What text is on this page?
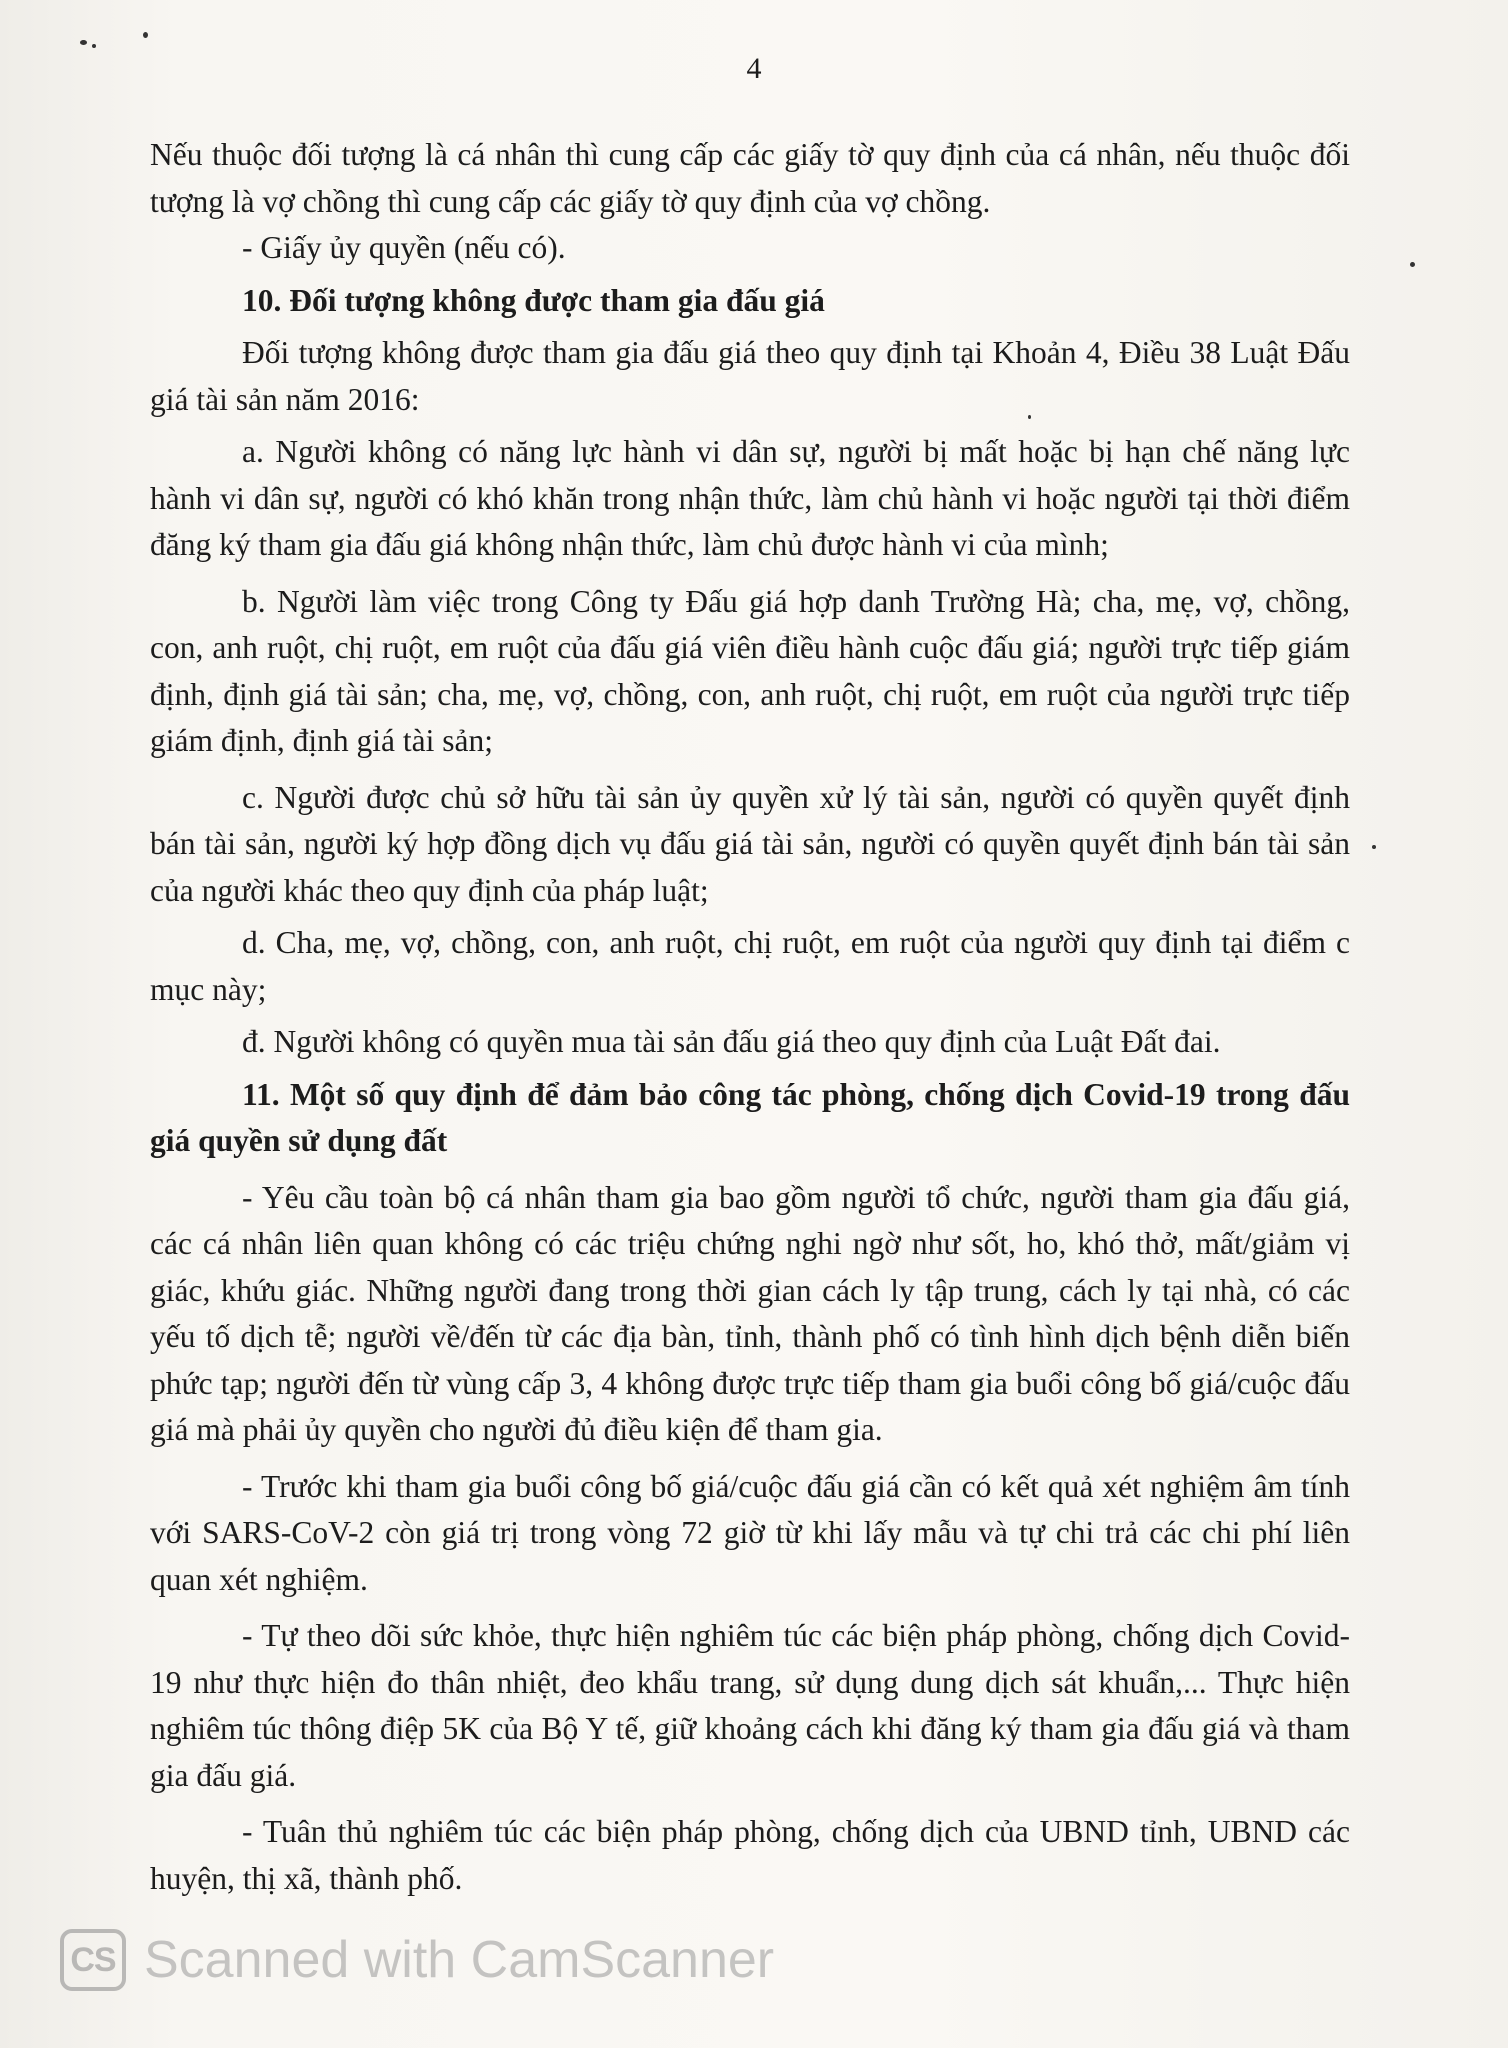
4

Nếu thuộc đối tượng là cá nhân thì cung cấp các giấy tờ quy định của cá nhân, nếu thuộc đối tượng là vợ chồng thì cung cấp các giấy tờ quy định của vợ chồng.

- Giấy ủy quyền (nếu có).

10. Đối tượng không được tham gia đấu giá

Đối tượng không được tham gia đấu giá theo quy định tại Khoản 4, Điều 38 Luật Đấu giá tài sản năm 2016:

a. Người không có năng lực hành vi dân sự, người bị mất hoặc bị hạn chế năng lực hành vi dân sự, người có khó khăn trong nhận thức, làm chủ hành vi hoặc người tại thời điểm đăng ký tham gia đấu giá không nhận thức, làm chủ được hành vi của mình;

b. Người làm việc trong Công ty Đấu giá hợp danh Trường Hà; cha, mẹ, vợ, chồng, con, anh ruột, chị ruột, em ruột của đấu giá viên điều hành cuộc đấu giá; người trực tiếp giám định, định giá tài sản; cha, mẹ, vợ, chồng, con, anh ruột, chị ruột, em ruột của người trực tiếp giám định, định giá tài sản;

c. Người được chủ sở hữu tài sản ủy quyền xử lý tài sản, người có quyền quyết định bán tài sản, người ký hợp đồng dịch vụ đấu giá tài sản, người có quyền quyết định bán tài sản của người khác theo quy định của pháp luật;

d. Cha, mẹ, vợ, chồng, con, anh ruột, chị ruột, em ruột của người quy định tại điểm c mục này;

đ. Người không có quyền mua tài sản đấu giá theo quy định của Luật Đất đai.

11. Một số quy định để đảm bảo công tác phòng, chống dịch Covid-19 trong đấu giá quyền sử dụng đất

- Yêu cầu toàn bộ cá nhân tham gia bao gồm người tổ chức, người tham gia đấu giá, các cá nhân liên quan không có các triệu chứng nghi ngờ như sốt, ho, khó thở, mất/giảm vị giác, khứu giác. Những người đang trong thời gian cách ly tập trung, cách ly tại nhà, có các yếu tố dịch tễ; người về/đến từ các địa bàn, tỉnh, thành phố có tình hình dịch bệnh diễn biến phức tạp; người đến từ vùng cấp 3, 4 không được trực tiếp tham gia buổi công bố giá/cuộc đấu giá mà phải ủy quyền cho người đủ điều kiện để tham gia.

- Trước khi tham gia buổi công bố giá/cuộc đấu giá cần có kết quả xét nghiệm âm tính với SARS-CoV-2 còn giá trị trong vòng 72 giờ từ khi lấy mẫu và tự chi trả các chi phí liên quan xét nghiệm.

- Tự theo dõi sức khỏe, thực hiện nghiêm túc các biện pháp phòng, chống dịch Covid-19 như thực hiện đo thân nhiệt, đeo khẩu trang, sử dụng dung dịch sát khuẩn,... Thực hiện nghiêm túc thông điệp 5K của Bộ Y tế, giữ khoảng cách khi đăng ký tham gia đấu giá và tham gia đấu giá.

- Tuân thủ nghiêm túc các biện pháp phòng, chống dịch của UBND tỉnh, UBND các huyện, thị xã, thành phố.

CS Scanned with CamScanner
